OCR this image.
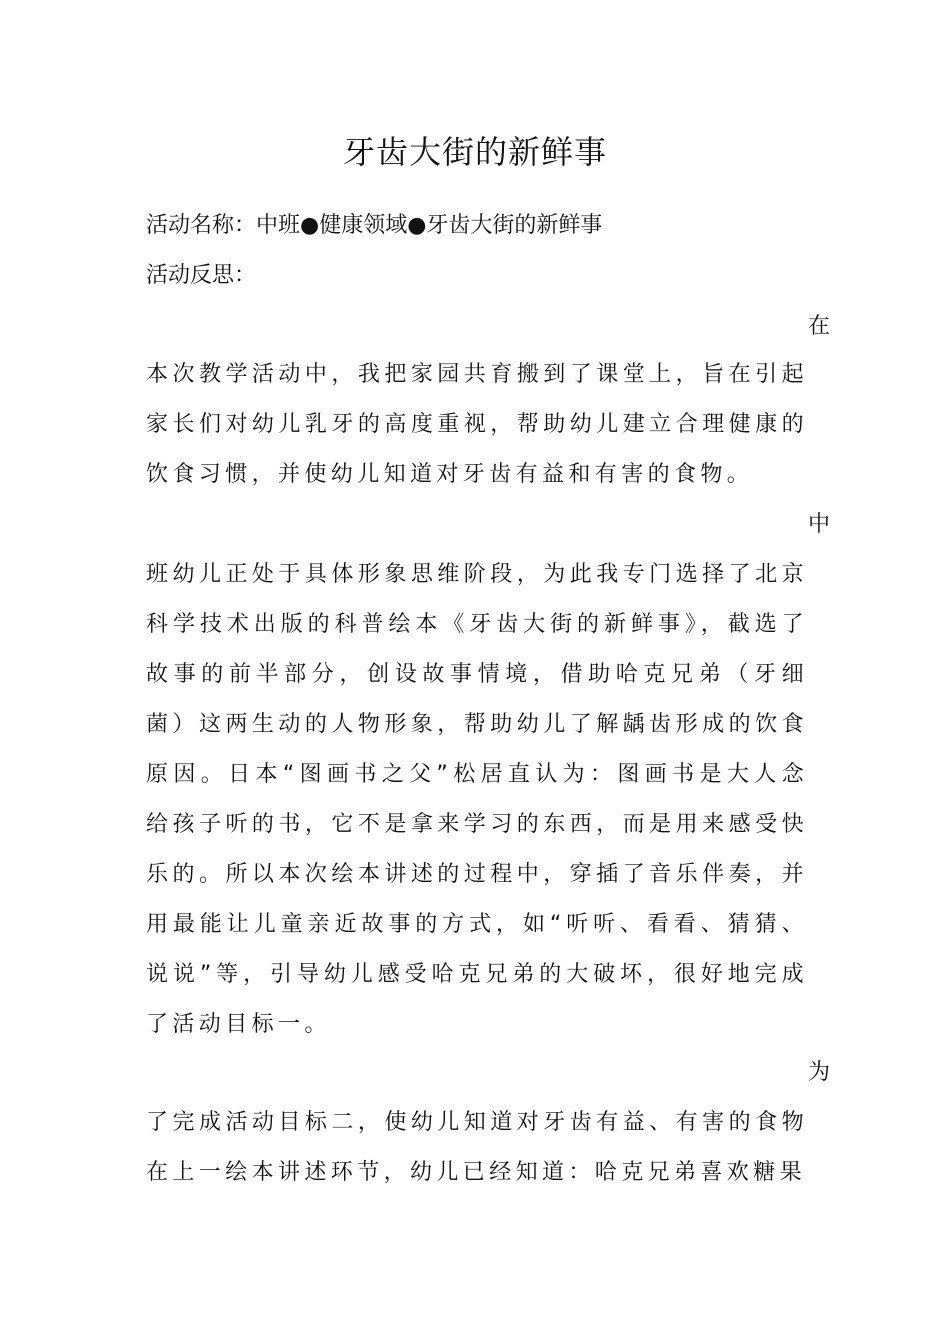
牙齿大街的新鲜事
活动名称：中班●健康领域●牙齿大街的新鲜事
活动反思：
在

本次教学活动中，我把家园共育搬到了课堂上，旨在引起家长们对幼儿乳牙的高度重视，帮助幼儿建立合理健康的饮食习惯，并使幼儿知道对牙齿有益和有害的食物。

中

班幼儿正处于具体形象思维阶段，为此我专门选择了北京科学技术出版的科普绘本《牙齿大街的新鲜事》，截选了故事的前半部分，创设故事情境，借助哈克兄弟（牙细菌）这两生动的人物形象，帮助幼儿了解龋齿形成的饮食原因。日本“图画书之父”松居直认为：图画书是大人念给孩子听的书，它不是拿来学习的东西，而是用来感受快乐的。所以本次绘本讲述的过程中，穿插了音乐伴奏，并用最能让儿童亲近故事的方式，如“听听、看看、猜猜、说说”等，引导幼儿感受哈克兄弟的大破坏，很好地完成了活动目标一。

为

了完成活动目标二，使幼儿知道对牙齿有益、有害的食物在上一绘本讲述环节，幼儿已经知道：哈克兄弟喜欢糖果
